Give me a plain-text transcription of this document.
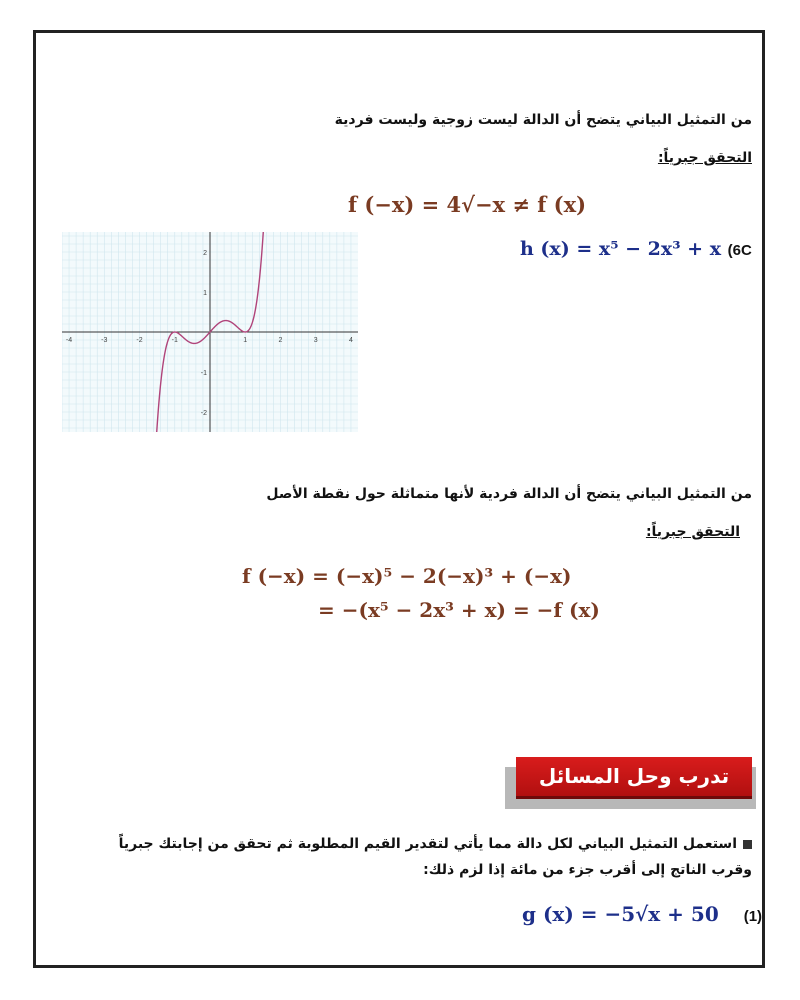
من التمثيل البياني يتضح أن الدالة ليست زوجية وليست فردية
التحقق جبرياً:
f (−x) = 4√−x ≠ f (x)
h (x) = x⁵ − 2x³ + x (6C
-4	-3	-2	-1	1	2	3	4
2
1
-1
-2
من التمثيل البياني يتضح أن الدالة فردية لأنها متماثلة حول نقطة الأصل
التحقق جبرياً:
f (−x) = (−x)⁵ − 2(−x)³ + (−x)
= −(x⁵ − 2x³ + x) = −f (x)
تدرب وحل المسائل
استعمل التمثيل البياني لكل دالة مما يأتي لتقدير القيم المطلوبة ثم تحقق من إجابتك جبرياً
وقرب الناتج إلى أقرب جزء من مائة إذا لزم ذلك:
g (x) = −5√x + 50 (1)
